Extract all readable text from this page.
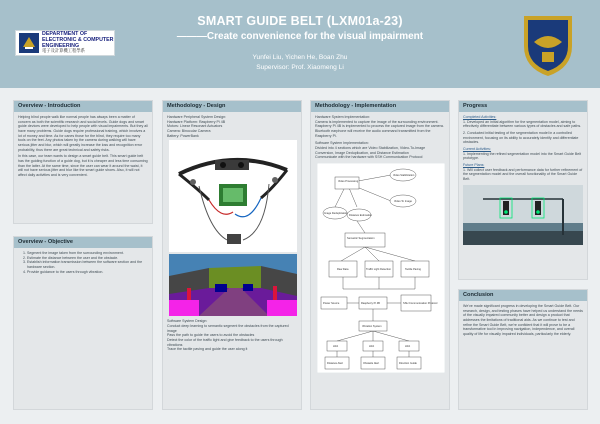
DEPARTMENT OF
ELECTRONIC & COMPUTER
ENGINEERING
電子及計算機工程學系
SMART GUIDE BELT (LXM01a-23)
———Create convenience for the visual impairment
Yunfei Liu, Yichen He, Boan Zhu
Supervisor: Prof. Xiaomeng Li
Overview - Introduction

Helping blind people walk like normal people has always been a matter of concern as both the scientific research and social levels. Guide dogs and smart guide devices were developed to help people with visual impairments. But they all have many problems. Guide dogs require professional training, which involves a lot of money and time. As for canes those for the blind, they require too many tools on the feet. Any photos taken by the camera during walking will have serious jitter and blur, which will greatly increase the loss and recognition error probability, thus there are great technical and safety risks.

In this case, our team wants to design a smart guide belt. This smart guide belt has the guiding function of a guide dog, but it is cheaper and less time consuming than the latter. At the same time, since the user can wear it around the waist, it will not have serious jitter and blur like the smart guide shoes. Also, it will not affect daily activities and is very convenient.

Overview - Objective
1. Segment the image taken from the surrounding environment.
2. Estimate the distance between the user and the obstacle.
3. Establish information transmission between the software section and the hardware section.
4. Provide guidance to the users through vibration.
Methodology - Design
Hardware Peripheral System Design:
Hardware Platform: Raspberry Pi 4B
Motors: Linear Resonant Actuators
Camera: Binocular Camera
Battery: PowerBank
Software System Design:
Conduct deep learning to semantic segment the obstacles from the captured image
Pass the path to guide the users to avoid the obstacles
Detect the color of the traffic light and give feedback to the users through vibrations
Trace the tactile paving and guide the user along it
Methodology - Implementation
Hardware System Implementation:
Camera is implemented to capture the image of the surrounding environment.
Raspberry Pi 4B is implemented to process the captured image from the camera.
Bluetooth earphone will receive the audio command transmitted from the Raspberry Pi.
Software System Implementation:
Divided into 4 sections which are Video Stabilization, Video-To-Image Conversion, Image Deduplication, and Distance Estimation
Communicate with the hardware with SSH Communication Protocol
Video Processing
Video Stabilization
Video To Image
Image Deduplication
Distance Estimation
Semantic Segmentation
Raw Data	Traffic Light Detection	Tactile Paving
Power Source	Raspberry Pi 4B	SSH Communication Protocol
Vibration System
LRA	LRA	LRA
Distance Alert	Obstacle Alert	Direction Guide
Progress
Completed Activities:

1. Developed an initial algorithm for the segmentation model, aiming to effectively differentiate between various types of obstacles and safe paths.

2. Conducted initial testing of the segmentation model in a controlled environment, focusing on its ability to accurately identify and differentiate obstacles.

Current Activities:

1. Implementing the refined segmentation model into the Smart Guide Belt prototype.

Future Plans:

1. Will collect user feedback and performance data for further refinement of the segmentation model and the overall functionality of the Smart Guide Belt.

Conclusion

We've made significant progress in developing the Smart Guide Belt. Our research, design, and testing phases have helped us understand the needs of the visually impaired community better and design a product that addresses the limitations of traditional aids. As we continue to test and refine the Smart Guide Belt, we're confident that it will prove to be a transformative tool in improving navigation, independence, and overall quality of life for visually impaired individuals, particularly the elderly.
